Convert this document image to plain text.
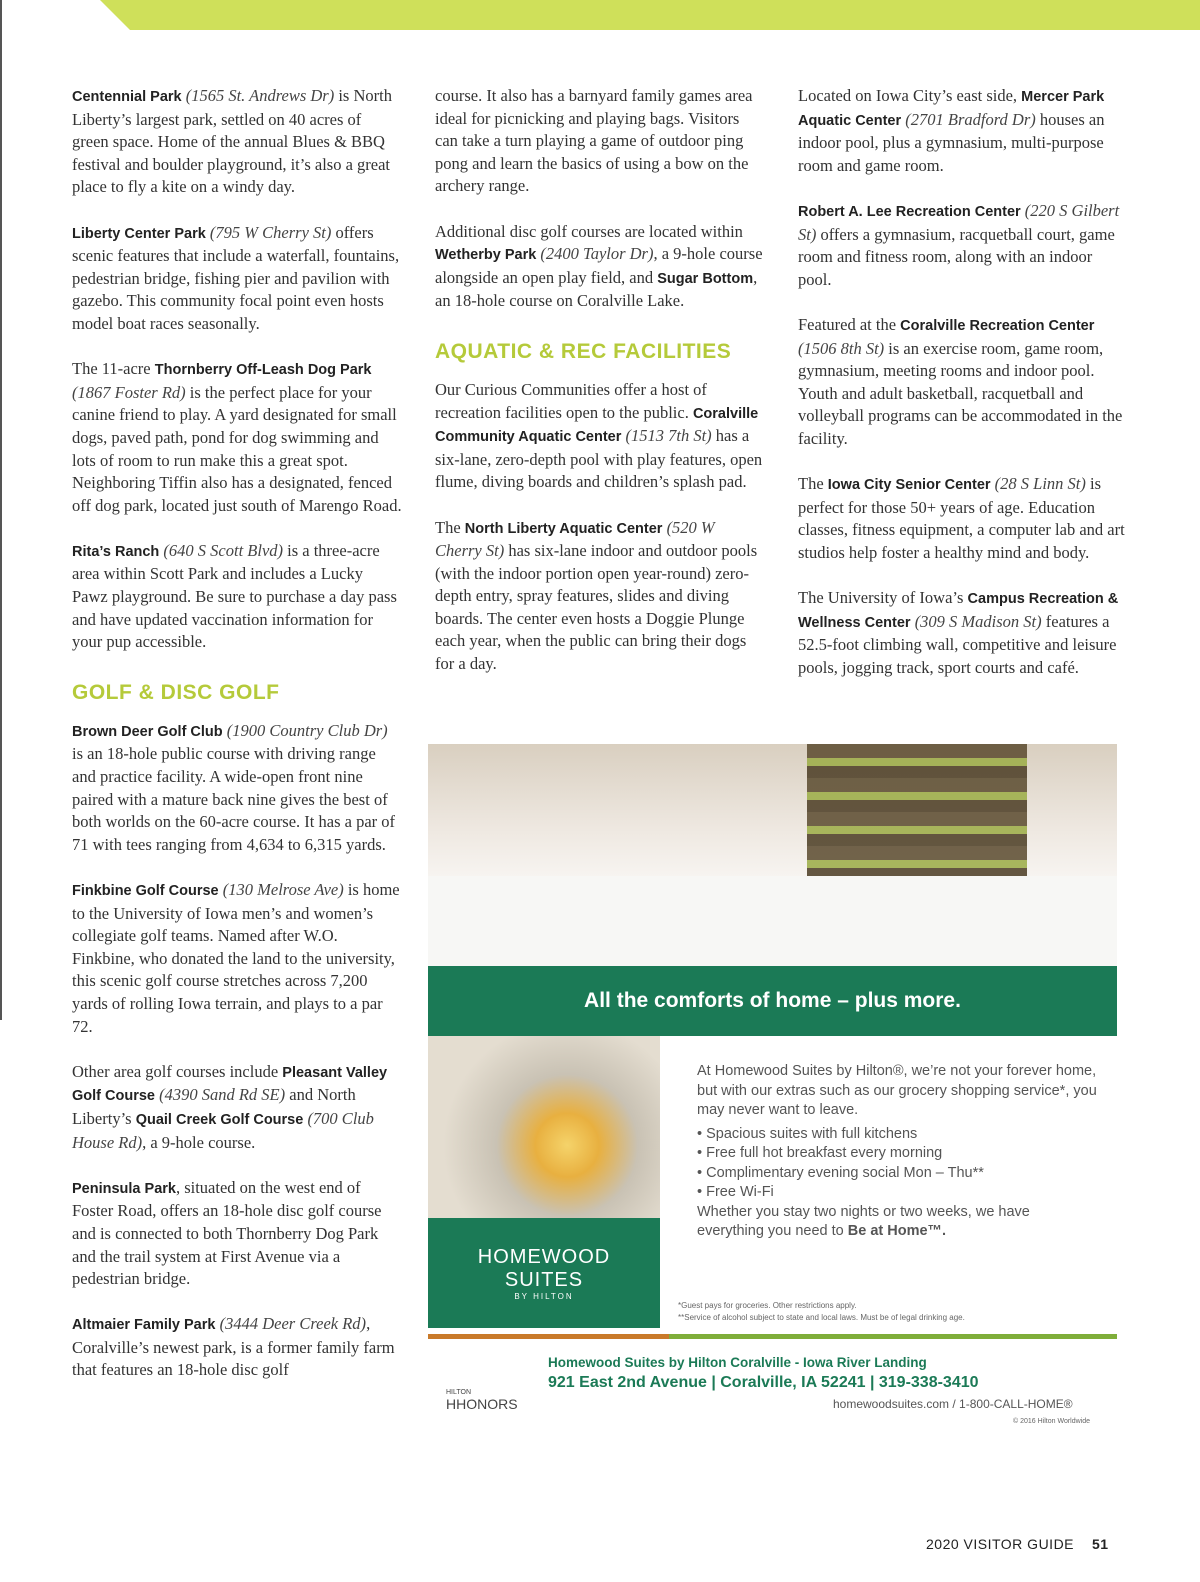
Centennial Park (1565 St. Andrews Dr) is North Liberty’s largest park, settled on 40 acres of green space. Home of the annual Blues & BBQ festival and boulder playground, it’s also a great place to fly a kite on a windy day.

Liberty Center Park (795 W Cherry St) offers scenic features that include a waterfall, fountains, pedestrian bridge, fishing pier and pavilion with gazebo. This community focal point even hosts model boat races seasonally.

The 11-acre Thornberry Off-Leash Dog Park (1867 Foster Rd) is the perfect place for your canine friend to play. A yard designated for small dogs, paved path, pond for dog swimming and lots of room to run make this a great spot. Neighboring Tiffin also has a designated, fenced off dog park, located just south of Marengo Road.

Rita’s Ranch (640 S Scott Blvd) is a three-acre area within Scott Park and includes a Lucky Pawz playground. Be sure to purchase a day pass and have updated vaccination information for your pup accessible.

GOLF & DISC GOLF

Brown Deer Golf Club (1900 Country Club Dr) is an 18-hole public course with driving range and practice facility. A wide-open front nine paired with a mature back nine gives the best of both worlds on the 60-acre course. It has a par of 71 with tees ranging from 4,634 to 6,315 yards.

Finkbine Golf Course (130 Melrose Ave) is home to the University of Iowa men’s and women’s collegiate golf teams. Named after W.O. Finkbine, who donated the land to the university, this scenic golf course stretches across 7,200 yards of rolling Iowa terrain, and plays to a par 72.

Other area golf courses include Pleasant Valley Golf Course (4390 Sand Rd SE) and North Liberty’s Quail Creek Golf Course (700 Club House Rd), a 9-hole course.

Peninsula Park, situated on the west end of Foster Road, offers an 18-hole disc golf course and is connected to both Thornberry Dog Park and the trail system at First Avenue via a pedestrian bridge.

Altmaier Family Park (3444 Deer Creek Rd), Coralville’s newest park, is a former family farm that features an 18-hole disc golf

course. It also has a barnyard family games area ideal for picnicking and playing bags. Visitors can take a turn playing a game of outdoor ping pong and learn the basics of using a bow on the archery range.

Additional disc golf courses are located within Wetherby Park (2400 Taylor Dr), a 9-hole course alongside an open play field, and Sugar Bottom, an 18-hole course on Coralville Lake.

AQUATIC & REC FACILITIES

Our Curious Communities offer a host of recreation facilities open to the public. Coralville Community Aquatic Center (1513 7th St) has a six-lane, zero-depth pool with play features, open flume, diving boards and children’s splash pad.

The North Liberty Aquatic Center (520 W Cherry St) has six-lane indoor and outdoor pools (with the indoor portion open year-round) zero-depth entry, spray features, slides and diving boards. The center even hosts a Doggie Plunge each year, when the public can bring their dogs for a day.

Located on Iowa City’s east side, Mercer Park Aquatic Center (2701 Bradford Dr) houses an indoor pool, plus a gymnasium, multi-purpose room and game room.

Robert A. Lee Recreation Center (220 S Gilbert St) offers a gymnasium, racquetball court, game room and fitness room, along with an indoor pool.

Featured at the Coralville Recreation Center (1506 8th St) is an exercise room, game room, gymnasium, meeting rooms and indoor pool. Youth and adult basketball, racquetball and volleyball programs can be accommodated in the facility.

The Iowa City Senior Center (28 S Linn St) is perfect for those 50+ years of age. Education classes, fitness equipment, a computer lab and art studios help foster a healthy mind and body.

The University of Iowa’s Campus Recreation & Wellness Center (309 S Madison St) features a 52.5-foot climbing wall, competitive and leisure pools, jogging track, sport courts and café.

All the comforts of home – plus more.
HOMEWOOD
SUITES
BY HILTON
At Homewood Suites by Hilton®, we’re not your forever home, but with our extras such as our grocery shopping service*, you may never want to leave.
• Spacious suites with full kitchens
• Free full hot breakfast every morning
• Complimentary evening social Mon – Thu**
• Free Wi-Fi
Whether you stay two nights or two weeks, we have everything you need to Be at Home™.
*Guest pays for groceries. Other restrictions apply.
**Service of alcohol subject to state and local laws. Must be of legal drinking age.
Homewood Suites by Hilton Coralville - Iowa River Landing
921 East 2nd Avenue | Coralville, IA 52241 | 319-338-3410
HILTON
HHONORS	homewoodsuites.com / 1-800-CALL-HOME®
© 2016 Hilton Worldwide
2020 VISITOR GUIDE 51
